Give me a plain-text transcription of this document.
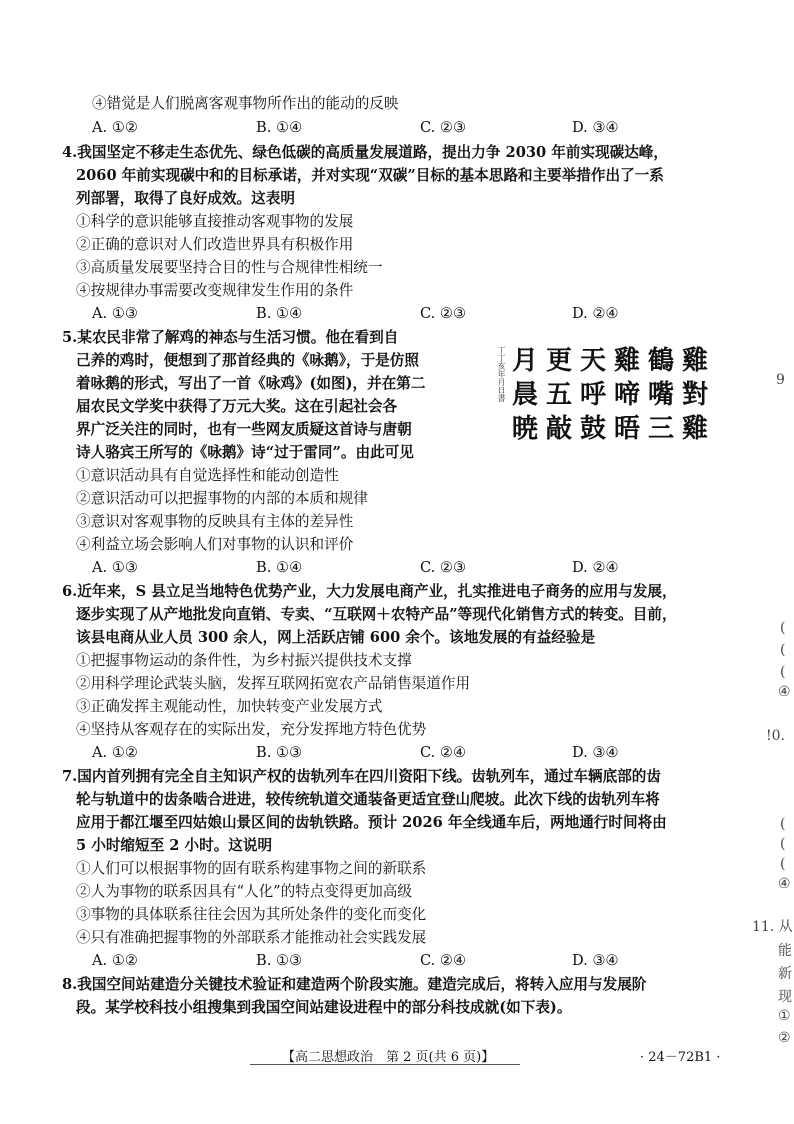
④错觉是人们脱离客观事物所作出的能动的反映
4.我国坚定不移走生态优先、绿色低碳的高质量发展道路，提出力争 2030 年前实现碳达峰，
2060 年前实现碳中和的目标承诺，并对实现“双碳”目标的基本思路和主要举措作出了一系
列部署，取得了良好成效。这表明
①科学的意识能够直接推动客观事物的发展
②正确的意识对人们改造世界具有积极作用
③高质量发展要坚持合目的性与合规律性相统一
④按规律办事需要改变规律发生作用的条件
5.某农民非常了解鸡的神态与生活习惯。他在看到自
己养的鸡时，便想到了那首经典的《咏鹅》，于是仿照
着咏鹅的形式，写出了一首《咏鸡》(如图)，并在第二
届农民文学奖中获得了万元大奖。这在引起社会各
界广泛关注的同时，也有一些网友质疑这首诗与唐朝
诗人骆宾王所写的《咏鹅》诗“过于雷同”。由此可见
①意识活动具有自觉选择性和能动创造性
②意识活动可以把握事物的内部的本质和规律
③意识对客观事物的反映具有主体的差异性
④利益立场会影响人们对事物的认识和评价
6.近年来，S 县立足当地特色优势产业，大力发展电商产业，扎实推进电子商务的应用与发展，
逐步实现了从产地批发向直销、专卖、“互联网＋农特产品”等现代化销售方式的转变。目前，
该县电商从业人员 300 余人，网上活跃店铺 600 余个。该地发展的有益经验是
①把握事物运动的条件性，为乡村振兴提供技术支撑
②用科学理论武装头脑，发挥互联网拓宽农产品销售渠道作用
③正确发挥主观能动性，加快转变产业发展方式
④坚持从客观存在的实际出发，充分发挥地方特色优势
7.国内首列拥有完全自主知识产权的齿轨列车在四川资阳下线。齿轨列车，通过车辆底部的齿
轮与轨道中的齿条啮合进进，较传统轨道交通装备更适宜登山爬坡。此次下线的齿轨列车将
应用于都江堰至四姑娘山景区间的齿轨铁路。预计 2026 年全线通车后，两地通行时间将由
5 小时缩短至 2 小时。这说明
①人们可以根据事物的固有联系构建事物之间的新联系
②人为事物的联系因具有“人化”的特点变得更加高级
③事物的具体联系往往会因为其所处条件的变化而变化
④只有准确把握事物的外部联系才能推动社会实践发展
8.我国空间站建造分关键技术验证和建造两个阶段实施。建造完成后，将转入应用与发展阶
段。某学校科技小组搜集到我国空间站建设进程中的部分科技成就(如下表)。
A. ①②	B. ①④	C. ②③	D. ③④
A. ①③	B. ①④	C. ②③	D. ②④
A. ①③	B. ①④	C. ②③	D. ②④
A. ①②	B. ①③	C. ②④	D. ③④
A. ①②	B. ①③	C. ②④	D. ③④
丁丁亥年月日書	雞
對
雞
鶴
嘴
三
雞
啼
晤
天
呼
鼓
更
五
敲
月
晨
暁
9
(
(
(
④
!0.
(
(
(
④
11. 从
能
新
现
①
②
【高二思想政治　第 2 页(共 6 页)】	· 24－72B1 ·
